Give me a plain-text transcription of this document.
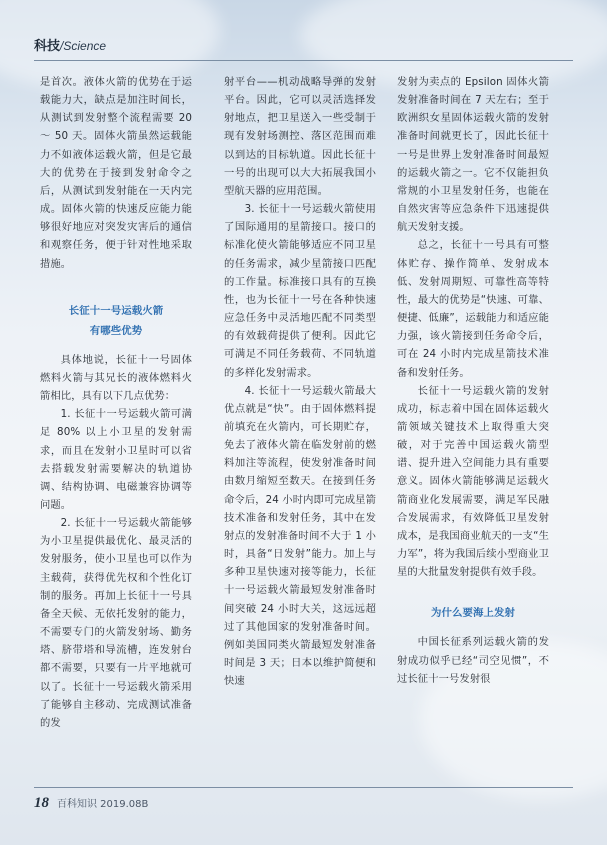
科技/Science

是首次。液体火箭的优势在于运载能力大，缺点是加注时间长，从测试到发射整个流程需要 20 ～ 50 天。固体火箭虽然运载能力不如液体运载火箭，但是它最大的优势在于接到发射命令之后，从测试到发射能在一天内完成。固体火箭的快速反应能力能够很好地应对突发灾害后的通信和观察任务，便于针对性地采取措施。

长征十一号运载火箭
有哪些优势

具体地说，长征十一号固体燃料火箭与其兄长的液体燃料火箭相比，具有以下几点优势：

1. 长征十一号运载火箭可满足 80% 以上小卫星的发射需求，而且在发射小卫星时可以省去搭载发射需要解决的轨道协调、结构协调、电磁兼容协调等问题。

2. 长征十一号运载火箭能够为小卫星提供最优化、最灵活的发射服务，使小卫星也可以作为主载荷，获得优先权和个性化订制的服务。再加上长征十一号具备全天候、无依托发射的能力，不需要专门的火箭发射场、勤务塔、脐带塔和导流槽，连发射台都不需要，只要有一片平地就可以了。长征十一号运载火箭采用了能够自主移动、完成测试准备的发

射平台——机动战略导弹的发射平台。因此，它可以灵活选择发射地点，把卫星送入一些受制于现有发射场测控、落区范围而难以到达的目标轨道。因此长征十一号的出现可以大大拓展我国小型航天器的应用范围。

3. 长征十一号运载火箭使用了国际通用的星箭接口。接口的标准化使火箭能够适应不同卫星的任务需求，减少星箭接口匹配的工作量。标准接口具有的互换性，也为长征十一号在各种快速应急任务中灵活地匹配不同类型的有效载荷提供了便利。因此它可满足不同任务载荷、不同轨道的多样化发射需求。

4. 长征十一号运载火箭最大优点就是“快”。由于固体燃料提前填充在火箭内，可长期贮存，免去了液体火箭在临发射前的燃料加注等流程，使发射准备时间由数月缩短至数天。在接到任务命令后，24 小时内即可完成星箭技术准备和发射任务，其中在发射点的发射准备时间不大于 1 小时，具备“日发射”能力。加上与多种卫星快速对接等能力，长征十一号运载火箭最短发射准备时间突破 24 小时大关，这远远超过了其他国家的发射准备时间。例如美国同类火箭最短发射准备时间是 3 天；日本以维护简便和快速

发射为卖点的 Epsilon 固体火箭发射准备时间在 7 天左右；至于欧洲织女星固体运载火箭的发射准备时间就更长了，因此长征十一号是世界上发射准备时间最短的运载火箭之一。它不仅能担负常规的小卫星发射任务，也能在自然灾害等应急条件下迅速提供航天发射支援。

总之，长征十一号具有可整体贮存、操作简单、发射成本低、发射周期短、可靠性高等特性，最大的优势是“快速、可靠、便捷、低廉”，运载能力和适应能力强，该火箭接到任务命令后，可在 24 小时内完成星箭技术准备和发射任务。

长征十一号运载火箭的发射成功，标志着中国在固体运载火箭领域关键技术上取得重大突破，对于完善中国运载火箭型谱、提升进入空间能力具有重要意义。固体火箭能够满足运载火箭商业化发展需要，满足军民融合发展需求，有效降低卫星发射成本，是我国商业航天的一支“生力军”，将为我国后续小型商业卫星的大批量发射提供有效手段。

为什么要海上发射

中国长征系列运载火箭的发射成功似乎已经“司空见惯”，不过长征十一号发射很

18 百科知识 2019.08B
